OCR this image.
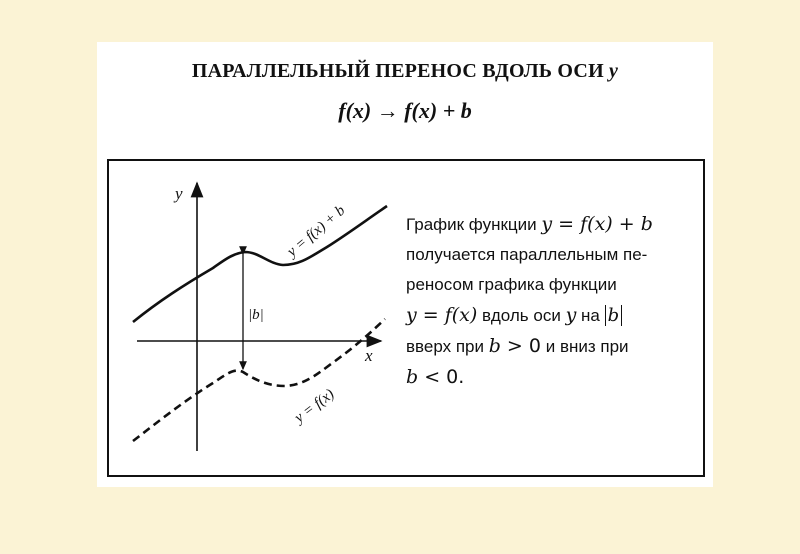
ПАРАЛЛЕЛЬНЫЙ ПЕРЕНОС ВДОЛЬ ОСИ y
f(x) → f(x) + b
y
x
|b|
y = f(x) + b
y = f(x)
График функции y = f(x) + b
получается параллельным пе-
реносом графика функции
y = f(x) вдоль оси y на b
вверх при b > 0 и вниз при
b < 0.
